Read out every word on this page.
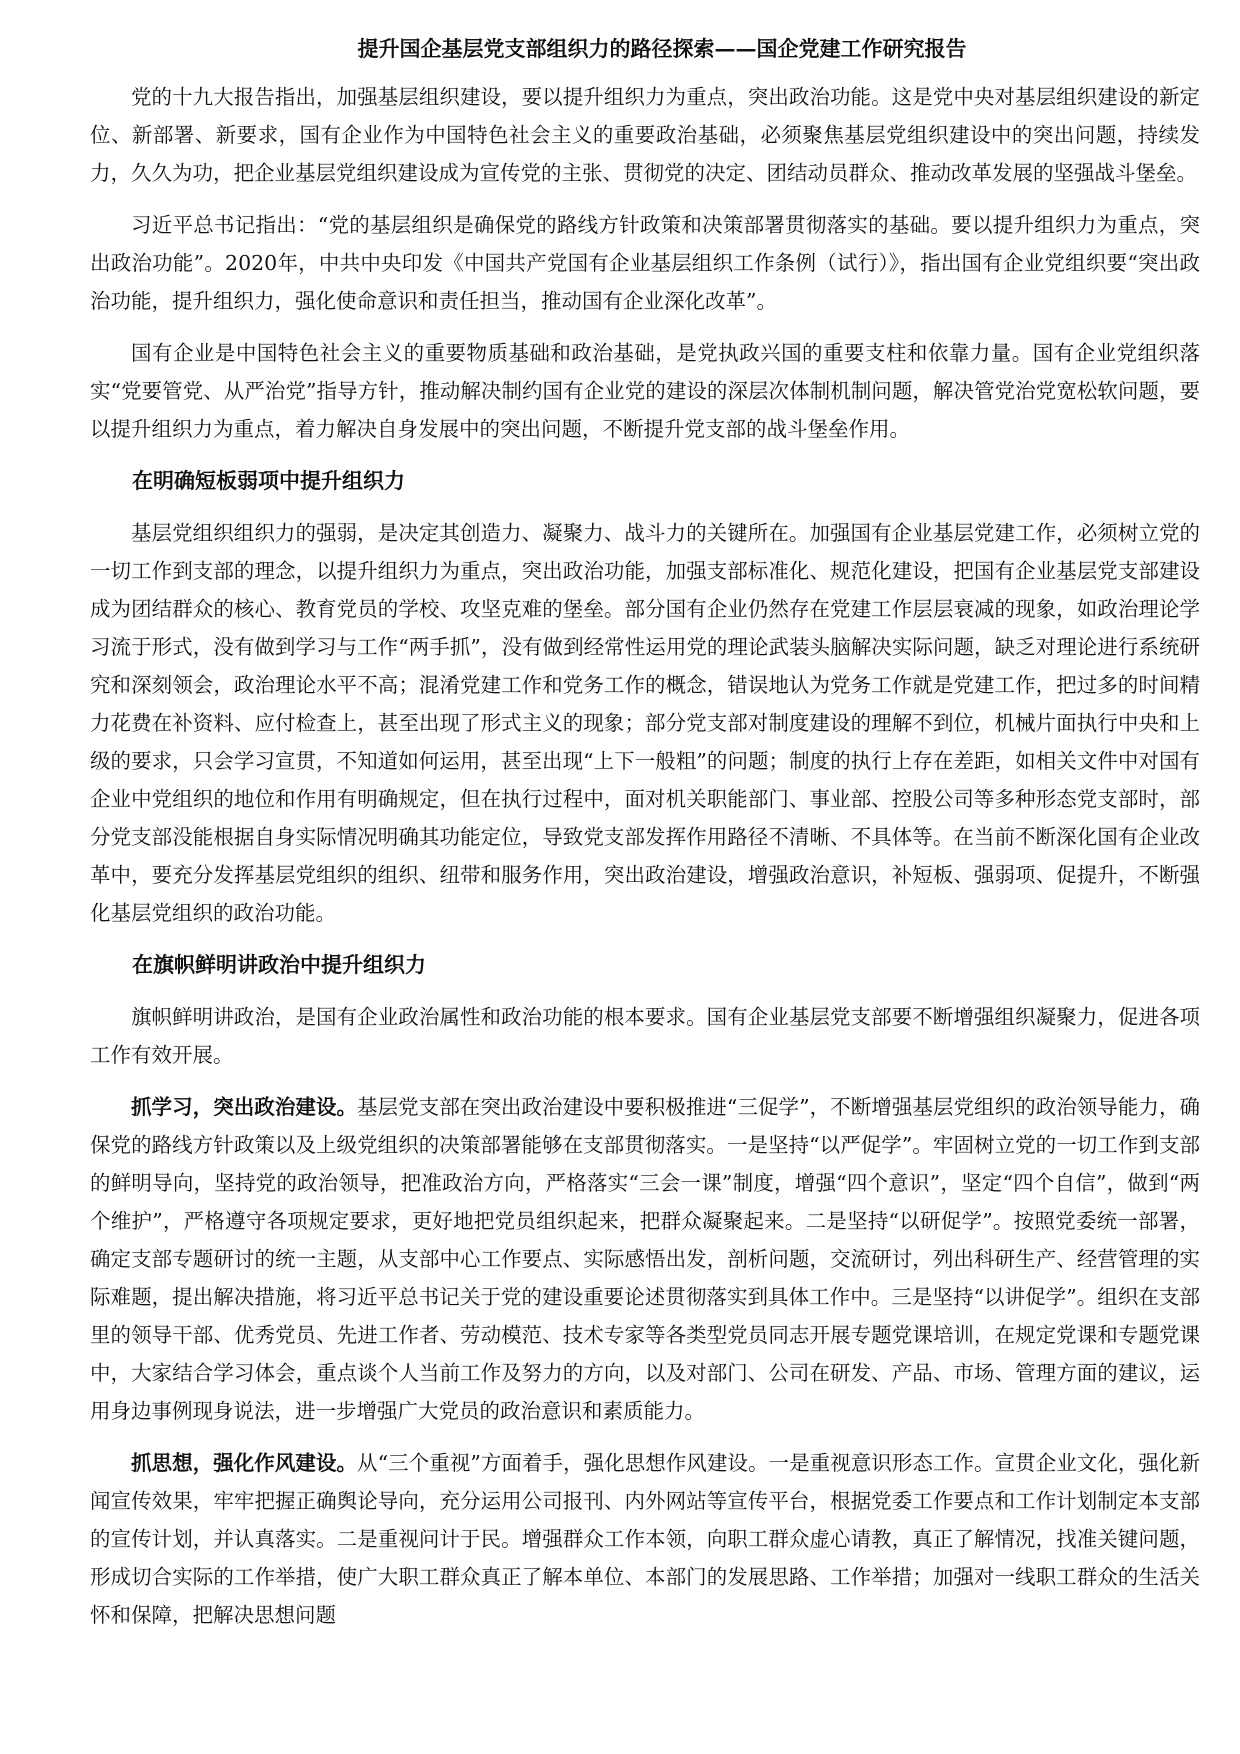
提升国企基层党支部组织力的路径探索——国企党建工作研究报告

党的十九大报告指出，加强基层组织建设，要以提升组织力为重点，突出政治功能。这是党中央对基层组织建设的新定位、新部署、新要求，国有企业作为中国特色社会主义的重要政治基础，必须聚焦基层党组织建设中的突出问题，持续发力，久久为功，把企业基层党组织建设成为宣传党的主张、贯彻党的决定、团结动员群众、推动改革发展的坚强战斗堡垒。

习近平总书记指出：“党的基层组织是确保党的路线方针政策和决策部署贯彻落实的基础。要以提升组织力为重点，突出政治功能”。2020年，中共中央印发《中国共产党国有企业基层组织工作条例（试行）》，指出国有企业党组织要“突出政治功能，提升组织力，强化使命意识和责任担当，推动国有企业深化改革”。

国有企业是中国特色社会主义的重要物质基础和政治基础，是党执政兴国的重要支柱和依靠力量。国有企业党组织落实“党要管党、从严治党”指导方针，推动解决制约国有企业党的建设的深层次体制机制问题，解决管党治党宽松软问题，要以提升组织力为重点，着力解决自身发展中的突出问题，不断提升党支部的战斗堡垒作用。

在明确短板弱项中提升组织力

基层党组织组织力的强弱，是决定其创造力、凝聚力、战斗力的关键所在。加强国有企业基层党建工作，必须树立党的一切工作到支部的理念，以提升组织力为重点，突出政治功能，加强支部标准化、规范化建设，把国有企业基层党支部建设成为团结群众的核心、教育党员的学校、攻坚克难的堡垒。部分国有企业仍然存在党建工作层层衰减的现象，如政治理论学习流于形式，没有做到学习与工作“两手抓”，没有做到经常性运用党的理论武装头脑解决实际问题，缺乏对理论进行系统研究和深刻领会，政治理论水平不高；混淆党建工作和党务工作的概念，错误地认为党务工作就是党建工作，把过多的时间精力花费在补资料、应付检查上，甚至出现了形式主义的现象；部分党支部对制度建设的理解不到位，机械片面执行中央和上级的要求，只会学习宣贯，不知道如何运用，甚至出现“上下一般粗”的问题；制度的执行上存在差距，如相关文件中对国有企业中党组织的地位和作用有明确规定，但在执行过程中，面对机关职能部门、事业部、控股公司等多种形态党支部时，部分党支部没能根据自身实际情况明确其功能定位，导致党支部发挥作用路径不清晰、不具体等。在当前不断深化国有企业改革中，要充分发挥基层党组织的组织、纽带和服务作用，突出政治建设，增强政治意识，补短板、强弱项、促提升，不断强化基层党组织的政治功能。

在旗帜鲜明讲政治中提升组织力

旗帜鲜明讲政治，是国有企业政治属性和政治功能的根本要求。国有企业基层党支部要不断增强组织凝聚力，促进各项工作有效开展。

抓学习，突出政治建设。基层党支部在突出政治建设中要积极推进“三促学”，不断增强基层党组织的政治领导能力，确保党的路线方针政策以及上级党组织的决策部署能够在支部贯彻落实。一是坚持“以严促学”。牢固树立党的一切工作到支部的鲜明导向，坚持党的政治领导，把准政治方向，严格落实“三会一课”制度，增强“四个意识”，坚定“四个自信”，做到“两个维护”，严格遵守各项规定要求，更好地把党员组织起来，把群众凝聚起来。二是坚持“以研促学”。按照党委统一部署，确定支部专题研讨的统一主题，从支部中心工作要点、实际感悟出发，剖析问题，交流研讨，列出科研生产、经营管理的实际难题，提出解决措施，将习近平总书记关于党的建设重要论述贯彻落实到具体工作中。三是坚持“以讲促学”。组织在支部里的领导干部、优秀党员、先进工作者、劳动模范、技术专家等各类型党员同志开展专题党课培训，在规定党课和专题党课中，大家结合学习体会，重点谈个人当前工作及努力的方向，以及对部门、公司在研发、产品、市场、管理方面的建议，运用身边事例现身说法，进一步增强广大党员的政治意识和素质能力。

抓思想，强化作风建设。从“三个重视”方面着手，强化思想作风建设。一是重视意识形态工作。宣贯企业文化，强化新闻宣传效果，牢牢把握正确舆论导向，充分运用公司报刊、内外网站等宣传平台，根据党委工作要点和工作计划制定本支部的宣传计划，并认真落实。二是重视问计于民。增强群众工作本领，向职工群众虚心请教，真正了解情况，找准关键问题，形成切合实际的工作举措，使广大职工群众真正了解本单位、本部门的发展思路、工作举措；加强对一线职工群众的生活关怀和保障，把解决思想问题
